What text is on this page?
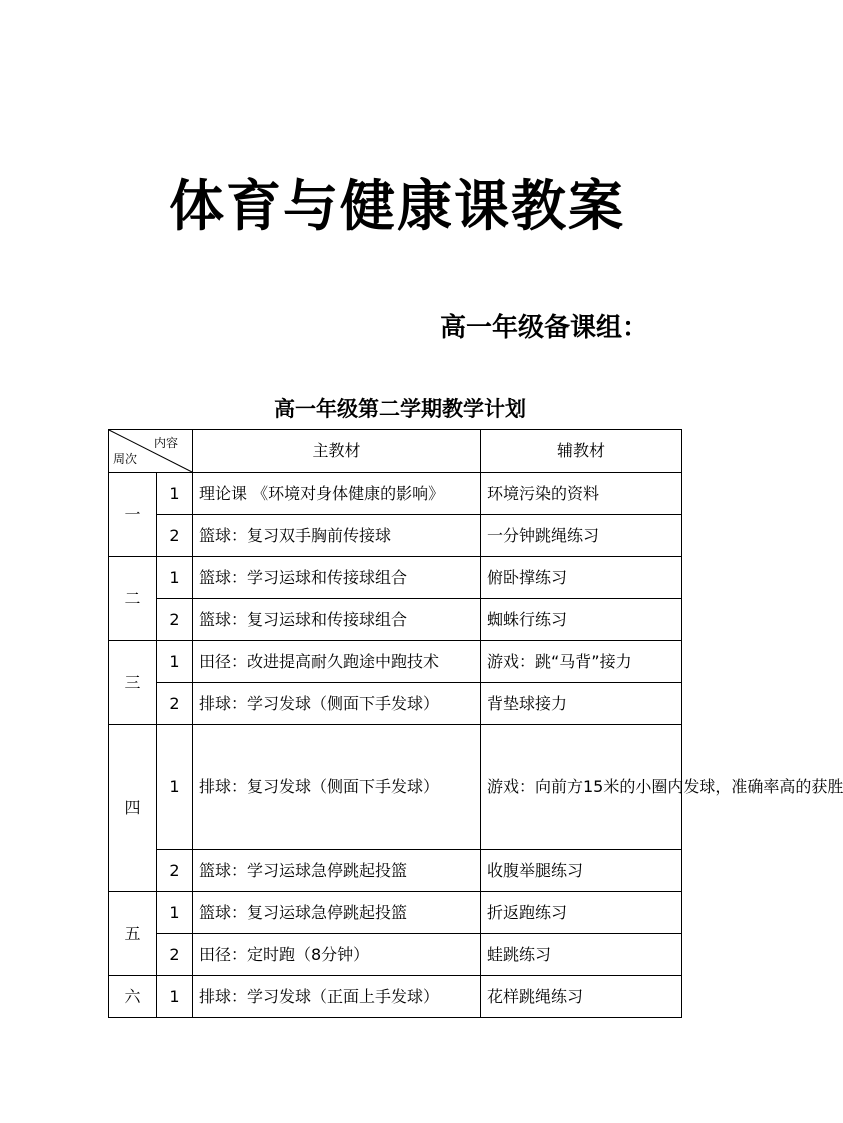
体育与健康课教案
高一年级备课组：
高一年级第二学期教学计划
内容
周次		主教材	辅教材
一	1	理论课 《环境对身体健康的影响》	环境污染的资料
	2	篮球：复习双手胸前传接球	一分钟跳绳练习
二	1	篮球：学习运球和传接球组合	俯卧撑练习
	2	篮球：复习运球和传接球组合	蜘蛛行练习
三	1	田径：改进提高耐久跑途中跑技术	游戏：跳“马背”接力
	2	排球：学习发球（侧面下手发球）	背垫球接力
四	1	排球：复习发球（侧面下手发球）	游戏：向前方15米的小圈内发球，准确率高的获胜
	2	篮球：学习运球急停跳起投篮	收腹举腿练习
五	1	篮球：复习运球急停跳起投篮	折返跑练习
	2	田径：定时跑（8分钟）	蛙跳练习
六	1	排球：学习发球（正面上手发球）	花样跳绳练习
